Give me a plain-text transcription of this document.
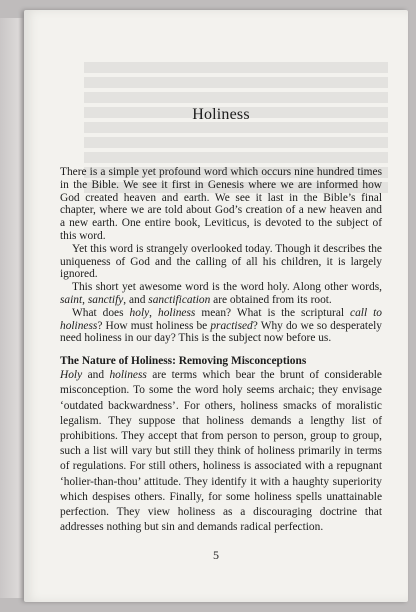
Holiness

There is a simple yet profound word which occurs nine hundred times in the Bible. We see it first in Genesis where we are informed how God created heaven and earth. We see it last in the Bible’s final chapter, where we are told about God’s creation of a new heaven and a new earth. One entire book, Leviticus, is devoted to the subject of this word.

Yet this word is strangely overlooked today. Though it describes the uniqueness of God and the calling of all his children, it is largely ignored.

This short yet awesome word is the word holy. Along other words, saint, sanctify, and sanctification are obtained from its root.

What does holy, holiness mean? What is the scriptural call to holiness? How must holiness be practised? Why do we so desperately need holiness in our day? This is the subject now before us.

The Nature of Holiness: Removing Misconceptions

Holy and holiness are terms which bear the brunt of considerable misconception. To some the word holy seems archaic; they envisage ‘outdated backwardness’. For others, holiness smacks of moralistic legalism. They suppose that holiness demands a lengthy list of prohibitions. They accept that from person to person, group to group, such a list will vary but still they think of holiness primarily in terms of regulations. For still others, holiness is associated with a repugnant ‘holier-than-thou’ attitude. They identify it with a haughty superiority which despises others. Finally, for some holiness spells unattainable perfection. They view holiness as a discouraging doctrine that addresses nothing but sin and demands radical perfection.

5
